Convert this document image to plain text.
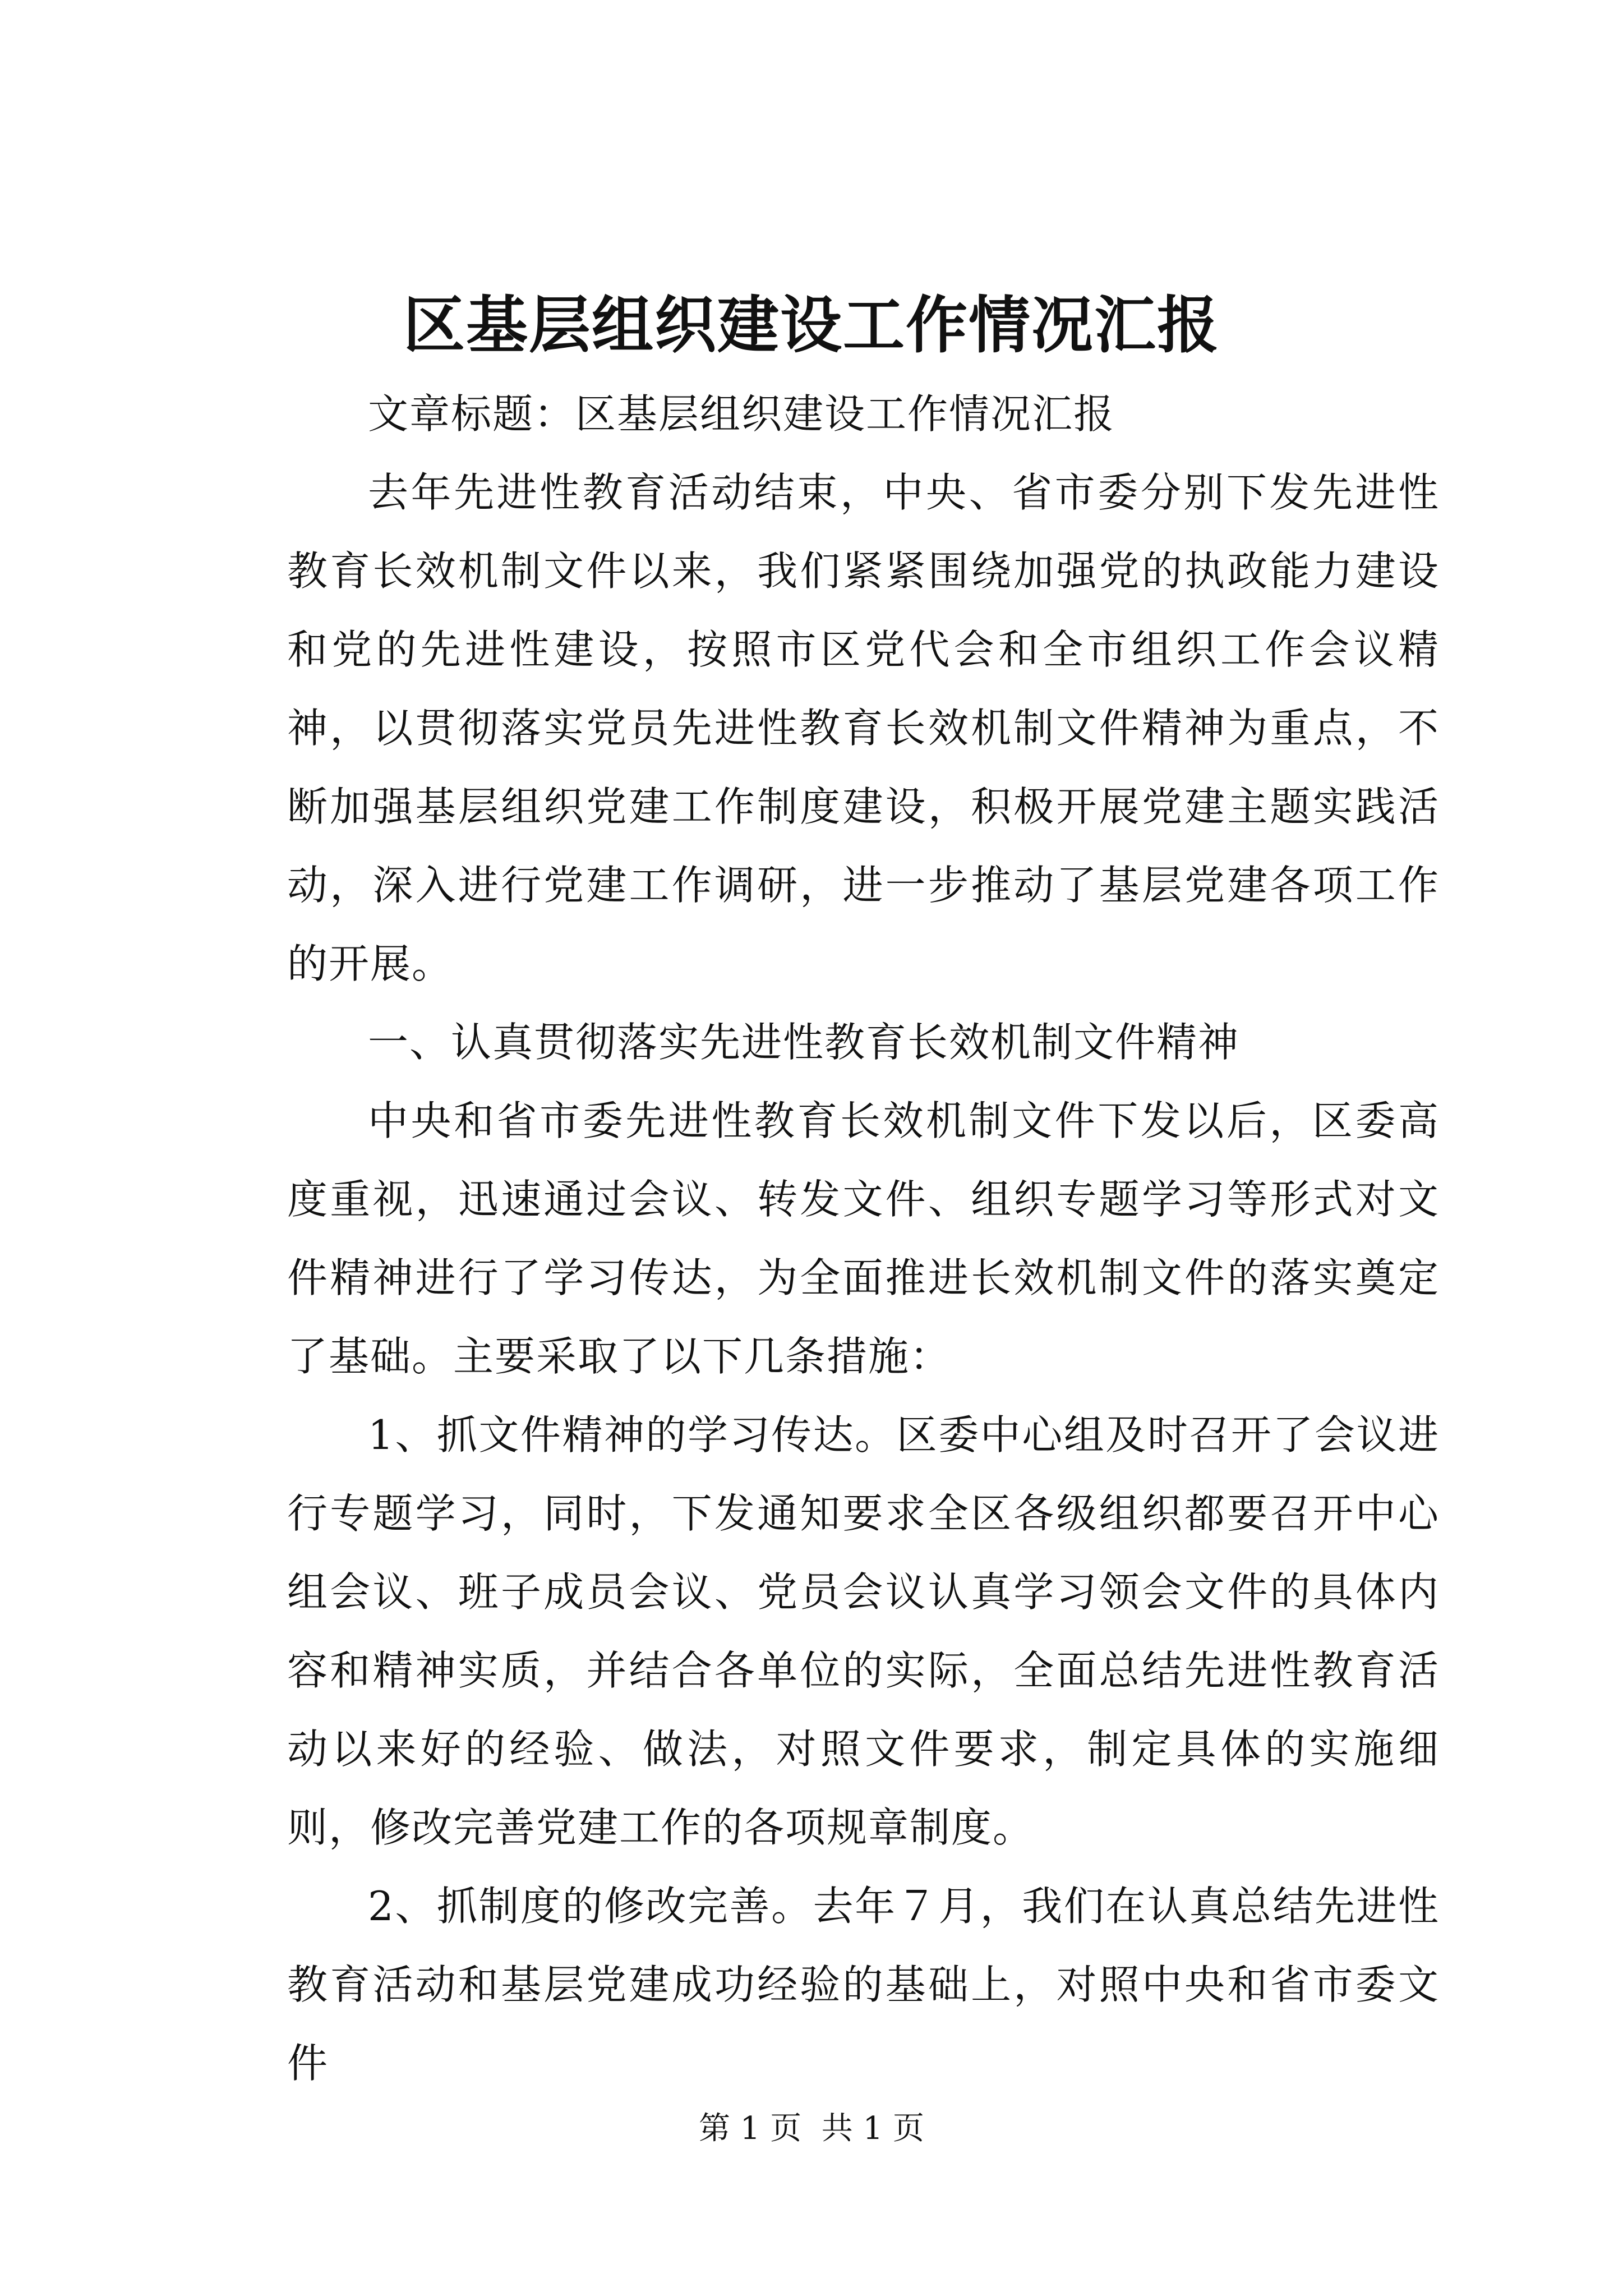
区基层组织建设工作情况汇报

文章标题：区基层组织建设工作情况汇报

去年先进性教育活动结束，中央、省市委分别下发先进性教育长效机制文件以来，我们紧紧围绕加强党的执政能力建设和党的先进性建设，按照市区党代会和全市组织工作会议精神，以贯彻落实党员先进性教育长效机制文件精神为重点，不断加强基层组织党建工作制度建设，积极开展党建主题实践活动，深入进行党建工作调研，进一步推动了基层党建各项工作的开展。

一、认真贯彻落实先进性教育长效机制文件精神

中央和省市委先进性教育长效机制文件下发以后，区委高度重视，迅速通过会议、转发文件、组织专题学习等形式对文件精神进行了学习传达，为全面推进长效机制文件的落实奠定了基础。主要采取了以下几条措施：

1、抓文件精神的学习传达。区委中心组及时召开了会议进行专题学习，同时，下发通知要求全区各级组织都要召开中心组会议、班子成员会议、党员会议认真学习领会文件的具体内容和精神实质，并结合各单位的实际，全面总结先进性教育活动以来好的经验、做法，对照文件要求，制定具体的实施细则，修改完善党建工作的各项规章制度。

2、抓制度的修改完善。去年７月，我们在认真总结先进性教育活动和基层党建成功经验的基础上，对照中央和省市委文件

第 1 页  共 1 页
